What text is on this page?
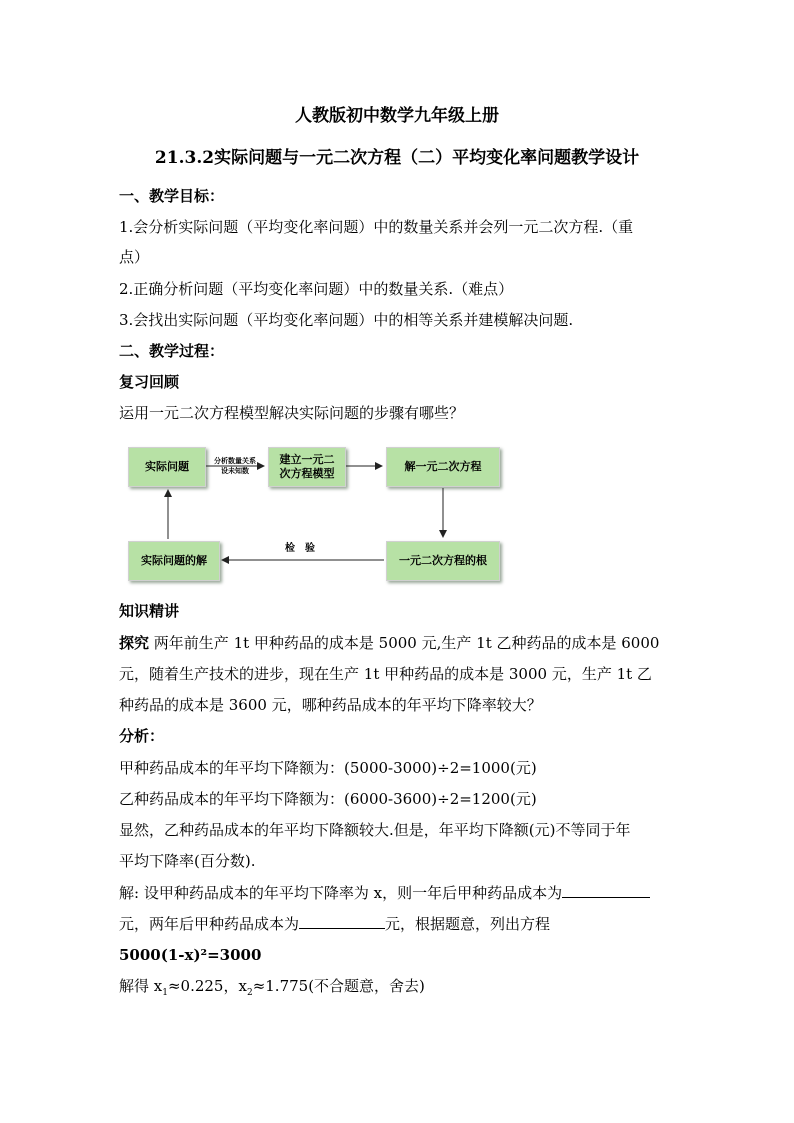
人教版初中数学九年级上册
21.3.2实际问题与一元二次方程（二）平均变化率问题教学设计
一、教学目标：
1.会分析实际问题（平均变化率问题）中的数量关系并会列一元二次方程.（重
点）
2.正确分析问题（平均变化率问题）中的数量关系.（难点）
3.会找出实际问题（平均变化率问题）中的相等关系并建模解决问题.
二、教学过程：
复习回顾
运用一元二次方程模型解决实际问题的步骤有哪些？
实际问题	分析数量关系
设未知数
建立一元二
次方程模型
解一元二次方程
一元二次方程的根
实际问题的解
检　验
知识精讲
探究 两年前生产 1t 甲种药品的成本是 5000 元,生产 1t 乙种药品的成本是 6000
元，随着生产技术的进步，现在生产 1t 甲种药品的成本是 3000 元，生产 1t 乙
种药品的成本是 3600 元，哪种药品成本的年平均下降率较大？
分析：
甲种药品成本的年平均下降额为：(5000-3000)÷2=1000(元)
乙种药品成本的年平均下降额为：(6000-3600)÷2=1200(元)
显然，乙种药品成本的年平均下降额较大.但是，年平均下降额(元)不等同于年
平均下降率(百分数).
解: 设甲种药品成本的年平均下降率为 x，则一年后甲种药品成本为
元，两年后甲种药品成本为	元，根据题意，列出方程
5000(1-x)²=3000
解得 $x_1\approx 0.225$，$x_2\approx 1.775$(不合题意，舍去)
